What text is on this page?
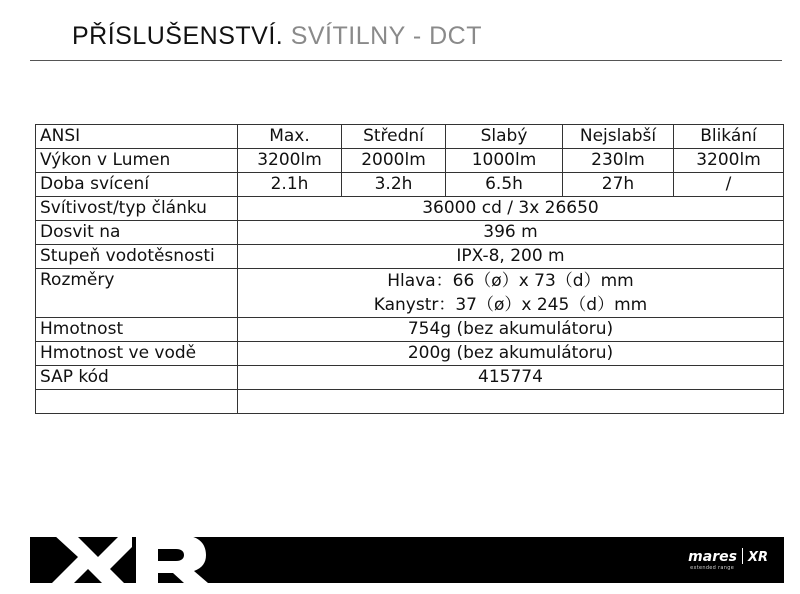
PŘÍSLUŠENSTVÍ. SVÍTILNY - DCT
ANSI	Max.	Střední	Slabý	Nejslabší	Blikání
Výkon v Lumen	3200lm	2000lm	1000lm	230lm	3200lm
Doba svícení	2.1h	3.2h	6.5h	27h	/
Svítivost/typ článku	36000 cd / 3x 26650				
Dosvit na	396 m				
Stupeň vodotěsnosti	IPX-8, 200 m				
Rozměry	Hlava：66（ø）x 73（d）mm
Kanystr：37（ø）x 245（d）mm				

Hmotnost	754g (bez akumulátoru)				
Hmotnost ve vodě	200g (bez akumulátoru)				
SAP kód	415774				

mares XR
extended range
